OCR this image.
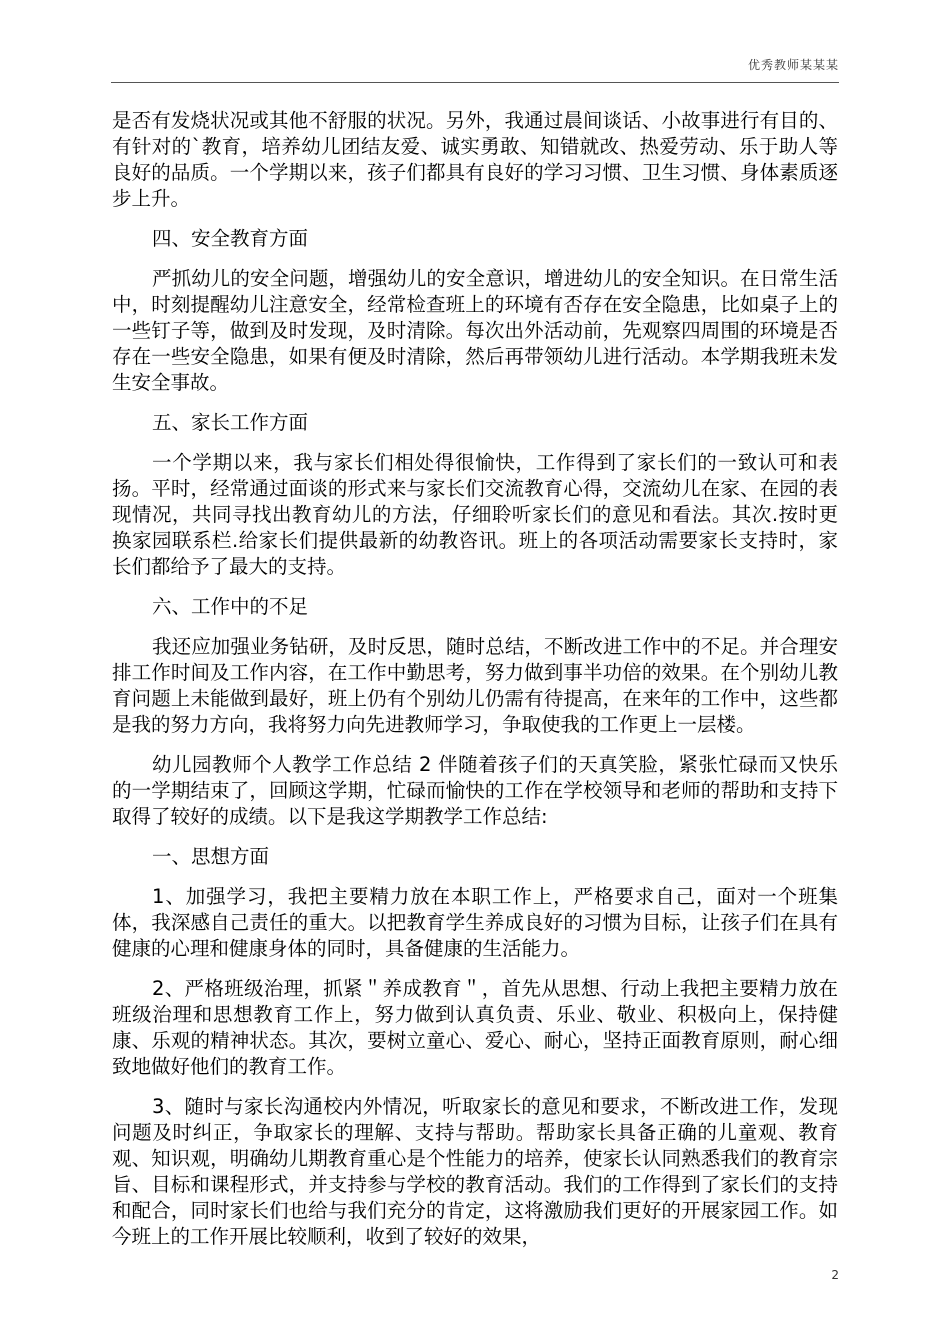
优秀教师某某某

是否有发烧状况或其他不舒服的状况。另外，我通过晨间谈话、小故事进行有目的、有针对的`教育，培养幼儿团结友爱、诚实勇敢、知错就改、热爱劳动、乐于助人等良好的品质。一个学期以来，孩子们都具有良好的学习习惯、卫生习惯、身体素质逐步上升。

四、安全教育方面

严抓幼儿的安全问题，增强幼儿的安全意识，增进幼儿的安全知识。在日常生活中，时刻提醒幼儿注意安全，经常检查班上的环境有否存在安全隐患，比如桌子上的一些钉子等，做到及时发现，及时清除。每次出外活动前，先观察四周围的环境是否存在一些安全隐患，如果有便及时清除，然后再带领幼儿进行活动。本学期我班未发生安全事故。

五、家长工作方面

一个学期以来，我与家长们相处得很愉快，工作得到了家长们的一致认可和表扬。平时，经常通过面谈的形式来与家长们交流教育心得，交流幼儿在家、在园的表现情况，共同寻找出教育幼儿的方法，仔细聆听家长们的意见和看法。其次.按时更换家园联系栏.给家长们提供最新的幼教咨讯。班上的各项活动需要家长支持时，家长们都给予了最大的支持。

六、工作中的不足

我还应加强业务钻研，及时反思，随时总结，不断改进工作中的不足。并合理安排工作时间及工作内容，在工作中勤思考，努力做到事半功倍的效果。在个别幼儿教育问题上未能做到最好，班上仍有个别幼儿仍需有待提高，在来年的工作中，这些都是我的努力方向，我将努力向先进教师学习，争取使我的工作更上一层楼。

幼儿园教师个人教学工作总结 2 伴随着孩子们的天真笑脸，紧张忙碌而又快乐的一学期结束了，回顾这学期，忙碌而愉快的工作在学校领导和老师的帮助和支持下取得了较好的成绩。以下是我这学期教学工作总结:

一、思想方面

1、加强学习，我把主要精力放在本职工作上，严格要求自己，面对一个班集体，我深感自己责任的重大。以把教育学生养成良好的习惯为目标，让孩子们在具有健康的心理和健康身体的同时，具备健康的生活能力。

2、严格班级治理，抓紧＂养成教育＂，首先从思想、行动上我把主要精力放在班级治理和思想教育工作上，努力做到认真负责、乐业、敬业、积极向上，保持健康、乐观的精神状态。其次，要树立童心、爱心、耐心，坚持正面教育原则，耐心细致地做好他们的教育工作。

3、随时与家长沟通校内外情况，听取家长的意见和要求，不断改进工作，发现问题及时纠正，争取家长的理解、支持与帮助。帮助家长具备正确的儿童观、教育观、知识观，明确幼儿期教育重心是个性能力的培养，使家长认同熟悉我们的教育宗旨、目标和课程形式，并支持参与学校的教育活动。我们的工作得到了家长们的支持和配合，同时家长们也给与我们充分的肯定，这将激励我们更好的开展家园工作。如今班上的工作开展比较顺利，收到了较好的效果，

2
